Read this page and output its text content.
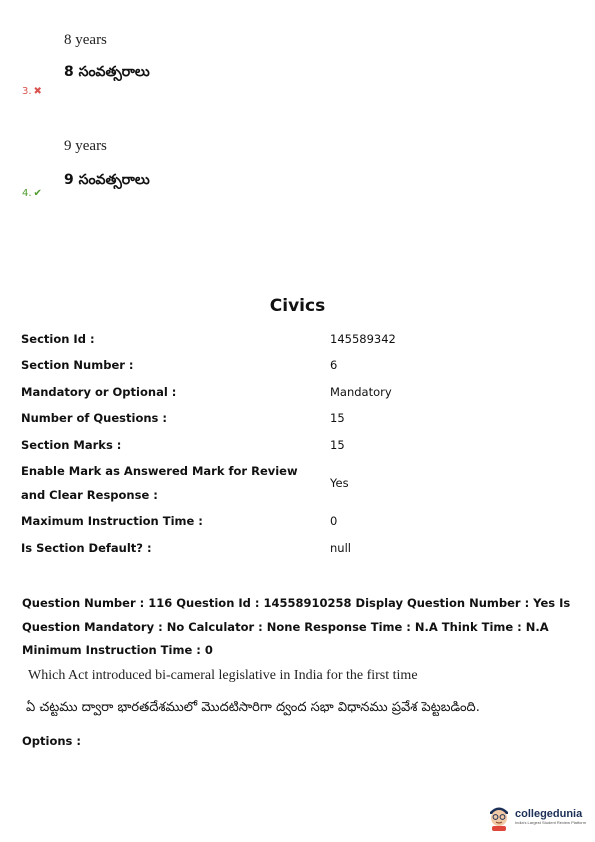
8 years
8 సంవత్సరాలు
3. ✖
9 years
9 సంవత్సరాలు
4. ✔
Civics
Section Id :	145589342
Section Number :	6
Mandatory or Optional :	Mandatory
Number of Questions :	15
Section Marks :	15
Enable Mark as Answered Mark for Review and Clear Response :
Yes
Maximum Instruction Time :	0
Is Section Default? :	null
Question Number : 116 Question Id : 14558910258 Display Question Number : Yes Is Question Mandatory : No Calculator : None Response Time : N.A Think Time : N.A Minimum Instruction Time : 0
Which Act introduced bi-cameral legislative in India for the first time
ఏ చట్టము ద్వారా భారతదేశములో మొదటిసారిగా ద్వంద సభా విధానము ప్రవేశ పెట్టబడింది.
Options :
collegedunia
India's Largest Student Review Platform
